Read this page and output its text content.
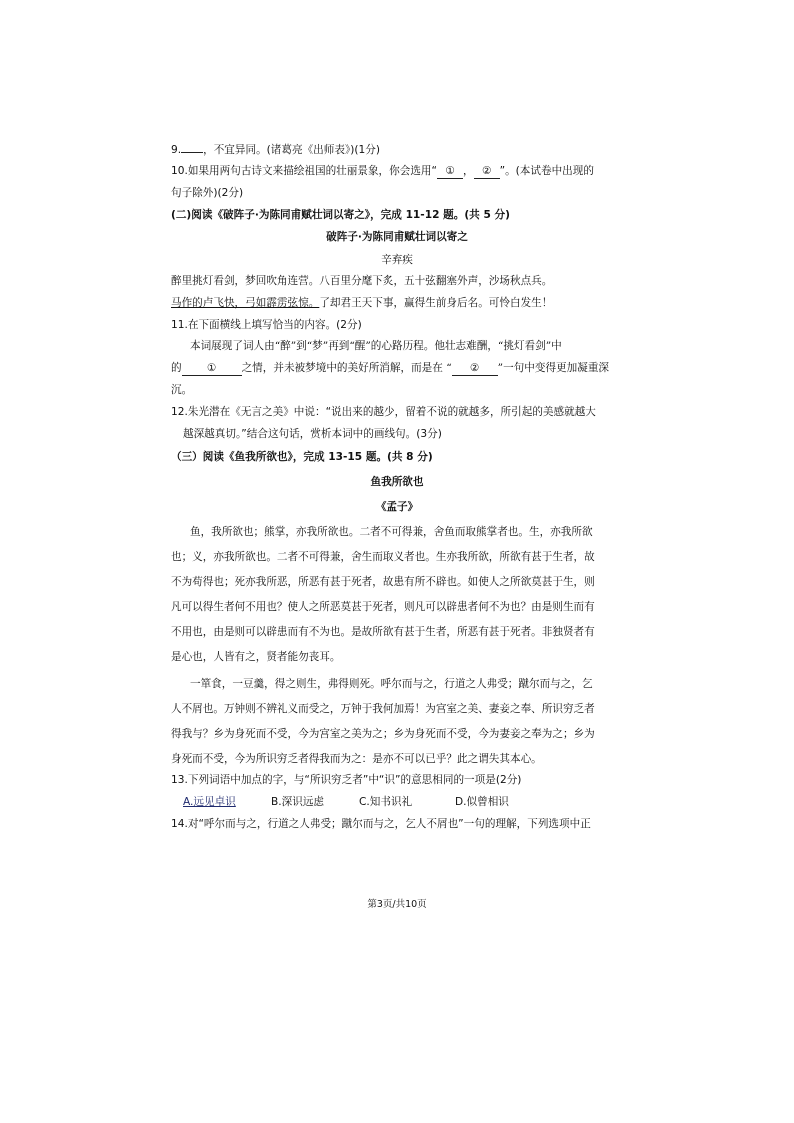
9. ，不宜异同。(诸葛亮《出师表》)(1分)
10.如果用两句古诗文来描绘祖国的壮丽景象，你会选用“ ① ， ② ”。(本试卷中出现的
句子除外)(2分)
(二)阅读《破阵子·为陈同甫赋壮词以寄之》，完成 11-12 题。(共 5 分)
破阵子·为陈同甫赋壮词以寄之
辛弃疾
醉里挑灯看剑，梦回吹角连营。八百里分麾下炙，五十弦翻塞外声，沙场秋点兵。
马作的卢飞快，弓如霹雳弦惊。了却君王天下事，赢得生前身后名。可怜白发生！
11.在下面横线上填写恰当的内容。(2分)
本词展现了词人由“醉”到“梦”再到“醒”的心路历程。他壮志难酬，“挑灯看剑”中
的 ① 之情，并未被梦境中的美好所消解，而是在 “ ② ”一句中变得更加凝重深
沉。
12.朱光潜在《无言之美》中说：“说出来的越少，留着不说的就越多，所引起的美感就越大
越深越真切。”结合这句话，赏析本词中的画线句。(3分)
（三）阅读《鱼我所欲也》，完成 13-15 题。(共 8 分)
鱼我所欲也
《孟子》
鱼，我所欲也；熊掌，亦我所欲也。二者不可得兼，舍鱼而取熊掌者也。生，亦我所欲
也；义，亦我所欲也。二者不可得兼，舍生而取义者也。生亦我所欲，所欲有甚于生者，故
不为苟得也；死亦我所恶，所恶有甚于死者，故患有所不辟也。如使人之所欲莫甚于生，则
凡可以得生者何不用也？使人之所恶莫甚于死者，则凡可以辟患者何不为也？由是则生而有
不用也，由是则可以辟患而有不为也。是故所欲有甚于生者，所恶有甚于死者。非独贤者有
是心也，人皆有之，贤者能勿丧耳。
一箪食，一豆羹，得之则生，弗得则死。呼尔而与之，行道之人弗受；蹴尔而与之，乞
人不屑也。万钟则不辨礼义而受之，万钟于我何加焉！为宫室之美、妻妾之奉、所识穷乏者
得我与？乡为身死而不受，今为宫室之美为之；乡为身死而不受，今为妻妾之奉为之；乡为
身死而不受，今为所识穷乏者得我而为之：是亦不可以已乎？此之谓失其本心。
13.下列词语中加点的字，与“所识穷乏者”中“识”的意思相同的一项是(2分)
A.远见卓识	B.深识远虑	C.知书识礼	D.似曾相识
14.对“呼尔而与之，行道之人弗受；蹴尔而与之，乞人不屑也”一句的理解，下列选项中正
第3页/共10页
